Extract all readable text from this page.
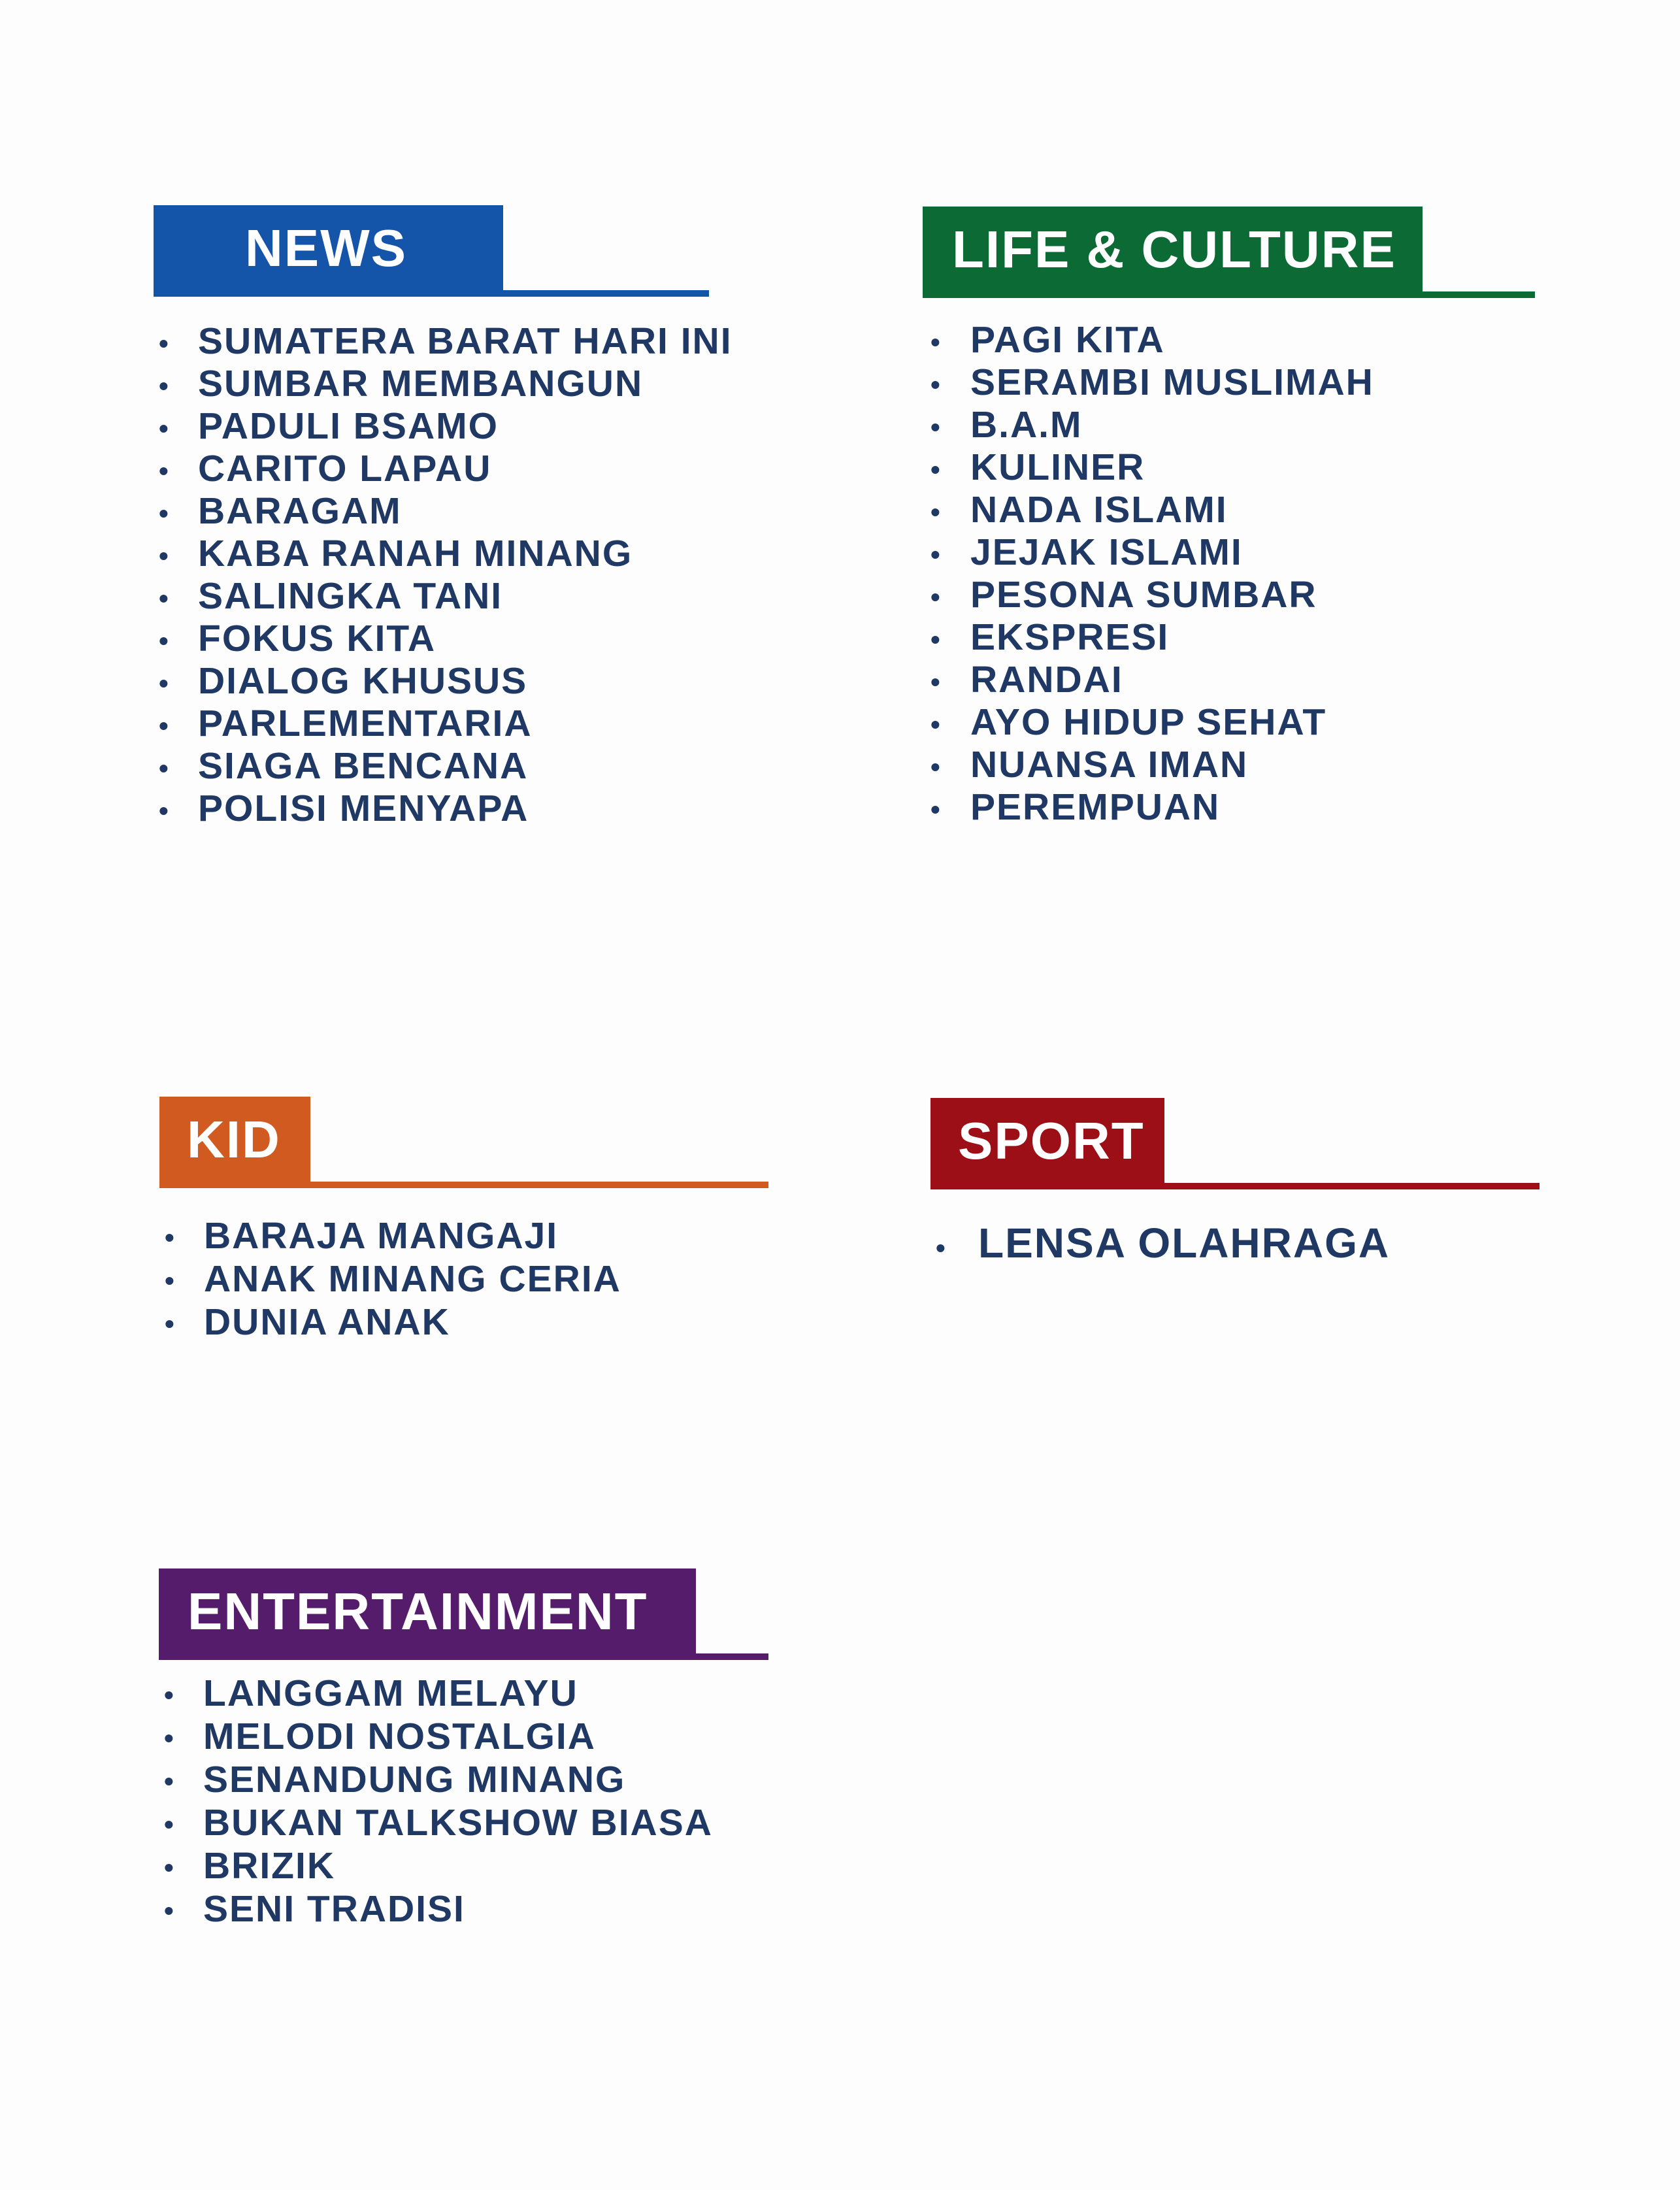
NEWS
• SUMATERA BARAT HARI INI
• SUMBAR MEMBANGUN
• PADULI BSAMO
• CARITO LAPAU
• BARAGAM
• KABA RANAH MINANG
• SALINGKA TANI
• FOKUS KITA
• DIALOG KHUSUS
• PARLEMENTARIA
• SIAGA BENCANA
• POLISI MENYAPA
LIFE & CULTURE
• PAGI KITA
• SERAMBI MUSLIMAH
• B.A.M
• KULINER
• NADA ISLAMI
• JEJAK ISLAMI
• PESONA SUMBAR
• EKSPRESI
• RANDAI
• AYO HIDUP SEHAT
• NUANSA IMAN
• PEREMPUAN
KID
• BARAJA MANGAJI
• ANAK MINANG CERIA
• DUNIA ANAK
SPORT
• LENSA OLAHRAGA
ENTERTAINMENT
• LANGGAM MELAYU
• MELODI NOSTALGIA
• SENANDUNG MINANG
• BUKAN TALKSHOW BIASA
• BRIZIK
• SENI TRADISI
